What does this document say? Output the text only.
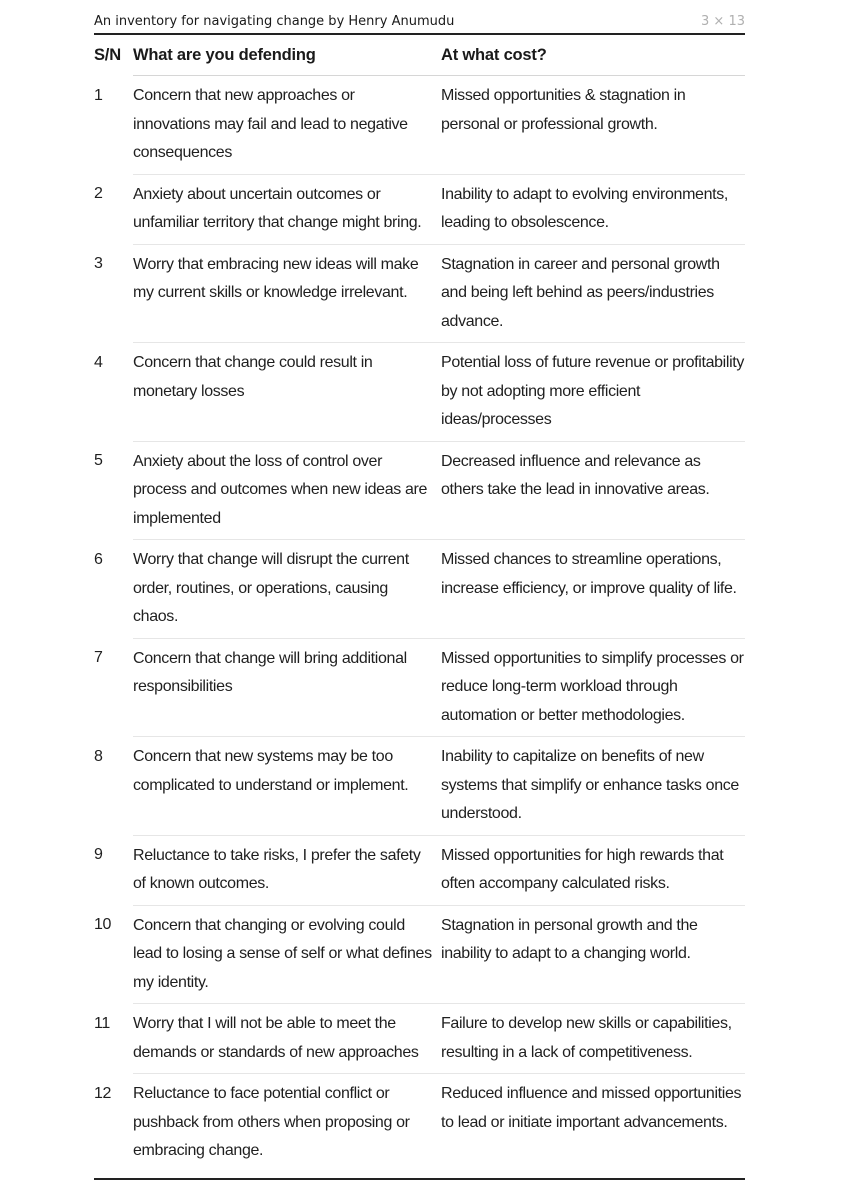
An inventory for navigating change by Henry Anumudu	3 × 13
S/N	What are you defending	At what cost?
1	Concern that new approaches or innovations may fail and lead to negative consequences	Missed opportunities & stagnation in personal or professional growth.
2	Anxiety about uncertain outcomes or unfamiliar territory that change might bring.	Inability to adapt to evolving environments, leading to obsolescence.
3	Worry that embracing new ideas will make my current skills or knowledge irrelevant.	Stagnation in career and personal growth and being left behind as peers/industries advance.
4	Concern that change could result in monetary losses	Potential loss of future revenue or profitability by not adopting more efficient ideas/processes
5	Anxiety about the loss of control over process and outcomes when new ideas are implemented	Decreased influence and relevance as others take the lead in innovative areas.
6	Worry that change will disrupt the current order, routines, or operations, causing chaos.	Missed chances to streamline operations, increase efficiency, or improve quality of life.
7	Concern that change will bring additional responsibilities	Missed opportunities to simplify processes or reduce long-term workload through automation or better methodologies.
8	Concern that new systems may be too complicated to understand or implement.	Inability to capitalize on benefits of new systems that simplify or enhance tasks once understood.
9	Reluctance to take risks, I prefer the safety of known outcomes.	Missed opportunities for high rewards that often accompany calculated risks.
10	Concern that changing or evolving could lead to losing a sense of self or what defines my identity.	Stagnation in personal growth and the inability to adapt to a changing world.
11	Worry that I will not be able to meet the demands or standards of new approaches	Failure to develop new skills or capabilities, resulting in a lack of competitiveness.
12	Reluctance to face potential conflict or pushback from others when proposing or embracing change.	Reduced influence and missed opportunities to lead or initiate important advancements.
